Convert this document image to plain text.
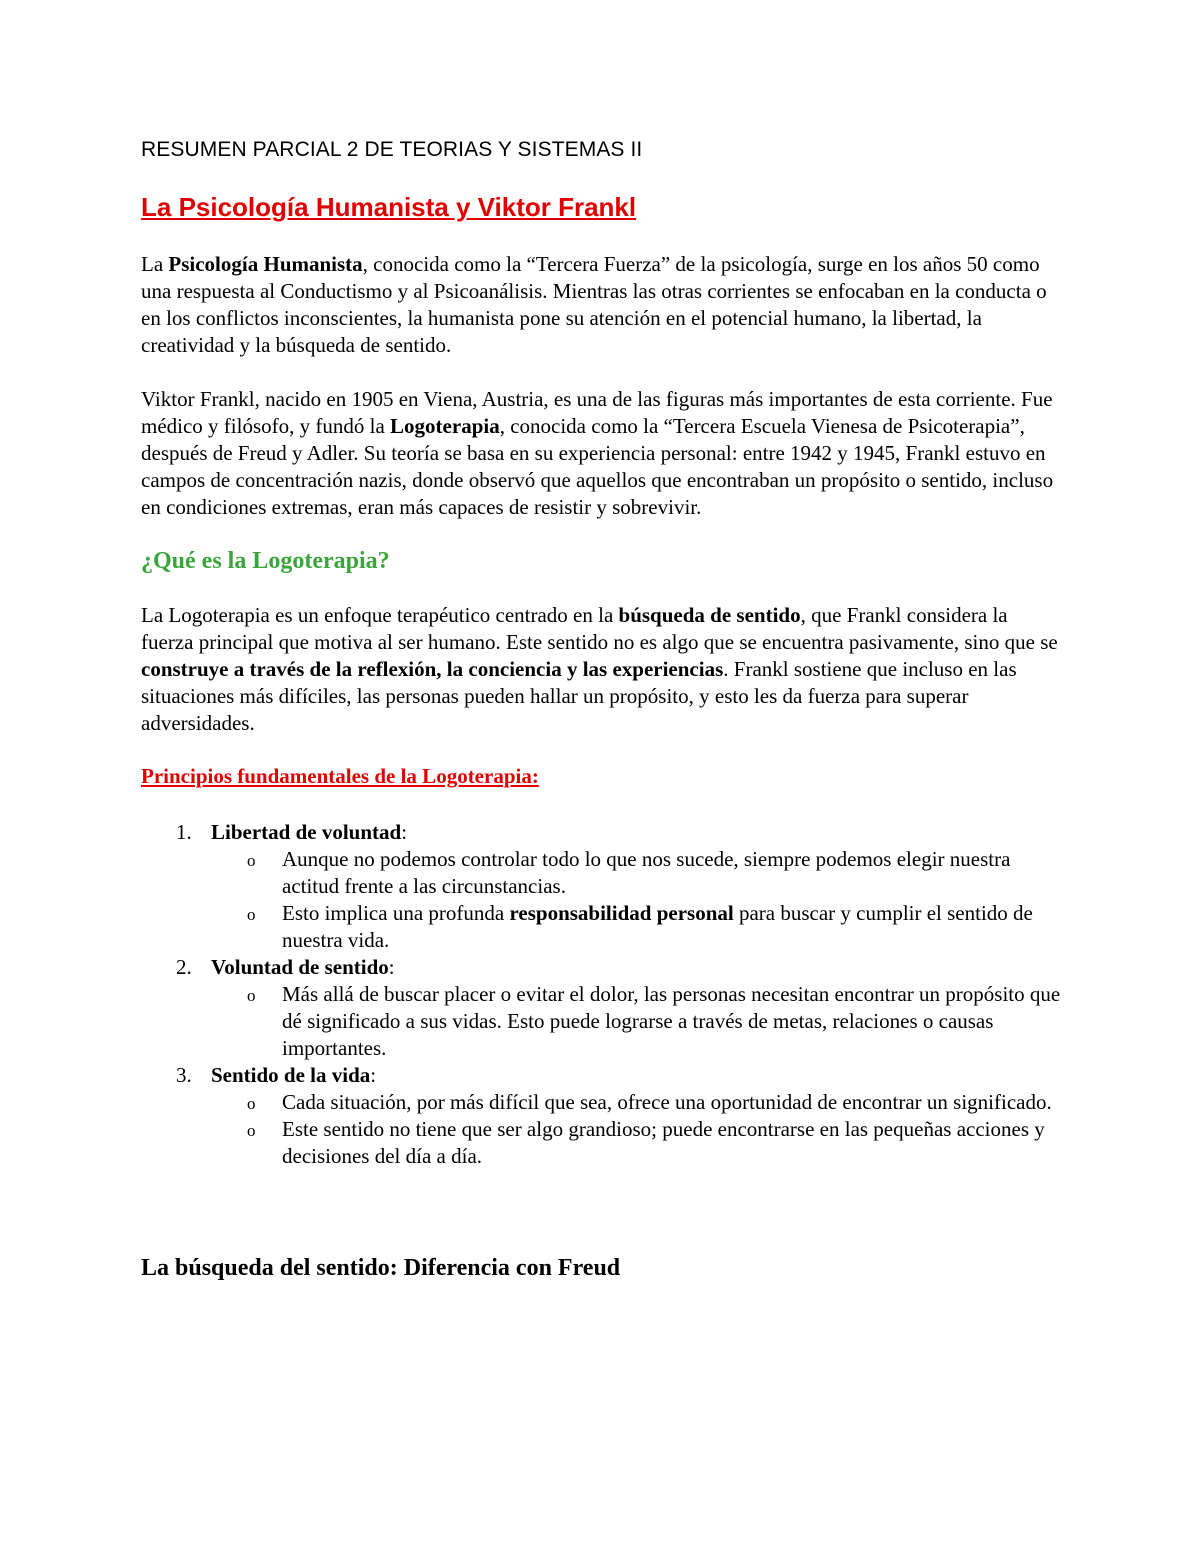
RESUMEN PARCIAL 2 DE TEORIAS Y SISTEMAS II
La Psicología Humanista y Viktor Frankl

La Psicología Humanista, conocida como la “Tercera Fuerza” de la psicología, surge en los años 50 como una respuesta al Conductismo y al Psicoanálisis. Mientras las otras corrientes se enfocaban en la conducta o en los conflictos inconscientes, la humanista pone su atención en el potencial humano, la libertad, la creatividad y la búsqueda de sentido.

Viktor Frankl, nacido en 1905 en Viena, Austria, es una de las figuras más importantes de esta corriente. Fue médico y filósofo, y fundó la Logoterapia, conocida como la “Tercera Escuela Vienesa de Psicoterapia”, después de Freud y Adler. Su teoría se basa en su experiencia personal: entre 1942 y 1945, Frankl estuvo en campos de concentración nazis, donde observó que aquellos que encontraban un propósito o sentido, incluso en condiciones extremas, eran más capaces de resistir y sobrevivir.

¿Qué es la Logoterapia?

La Logoterapia es un enfoque terapéutico centrado en la búsqueda de sentido, que Frankl considera la fuerza principal que motiva al ser humano. Este sentido no es algo que se encuentra pasivamente, sino que se construye a través de la reflexión, la conciencia y las experiencias. Frankl sostiene que incluso en las situaciones más difíciles, las personas pueden hallar un propósito, y esto les da fuerza para superar adversidades.

Principios fundamentales de la Logoterapia:
1. Libertad de voluntad:
o Aunque no podemos controlar todo lo que nos sucede, siempre podemos elegir nuestra actitud frente a las circunstancias.
o Esto implica una profunda responsabilidad personal para buscar y cumplir el sentido de nuestra vida.
2. Voluntad de sentido:
o Más allá de buscar placer o evitar el dolor, las personas necesitan encontrar un propósito que dé significado a sus vidas. Esto puede lograrse a través de metas, relaciones o causas importantes.
3. Sentido de la vida:
o Cada situación, por más difícil que sea, ofrece una oportunidad de encontrar un significado.
o Este sentido no tiene que ser algo grandioso; puede encontrarse en las pequeñas acciones y decisiones del día a día.
La búsqueda del sentido: Diferencia con Freud
